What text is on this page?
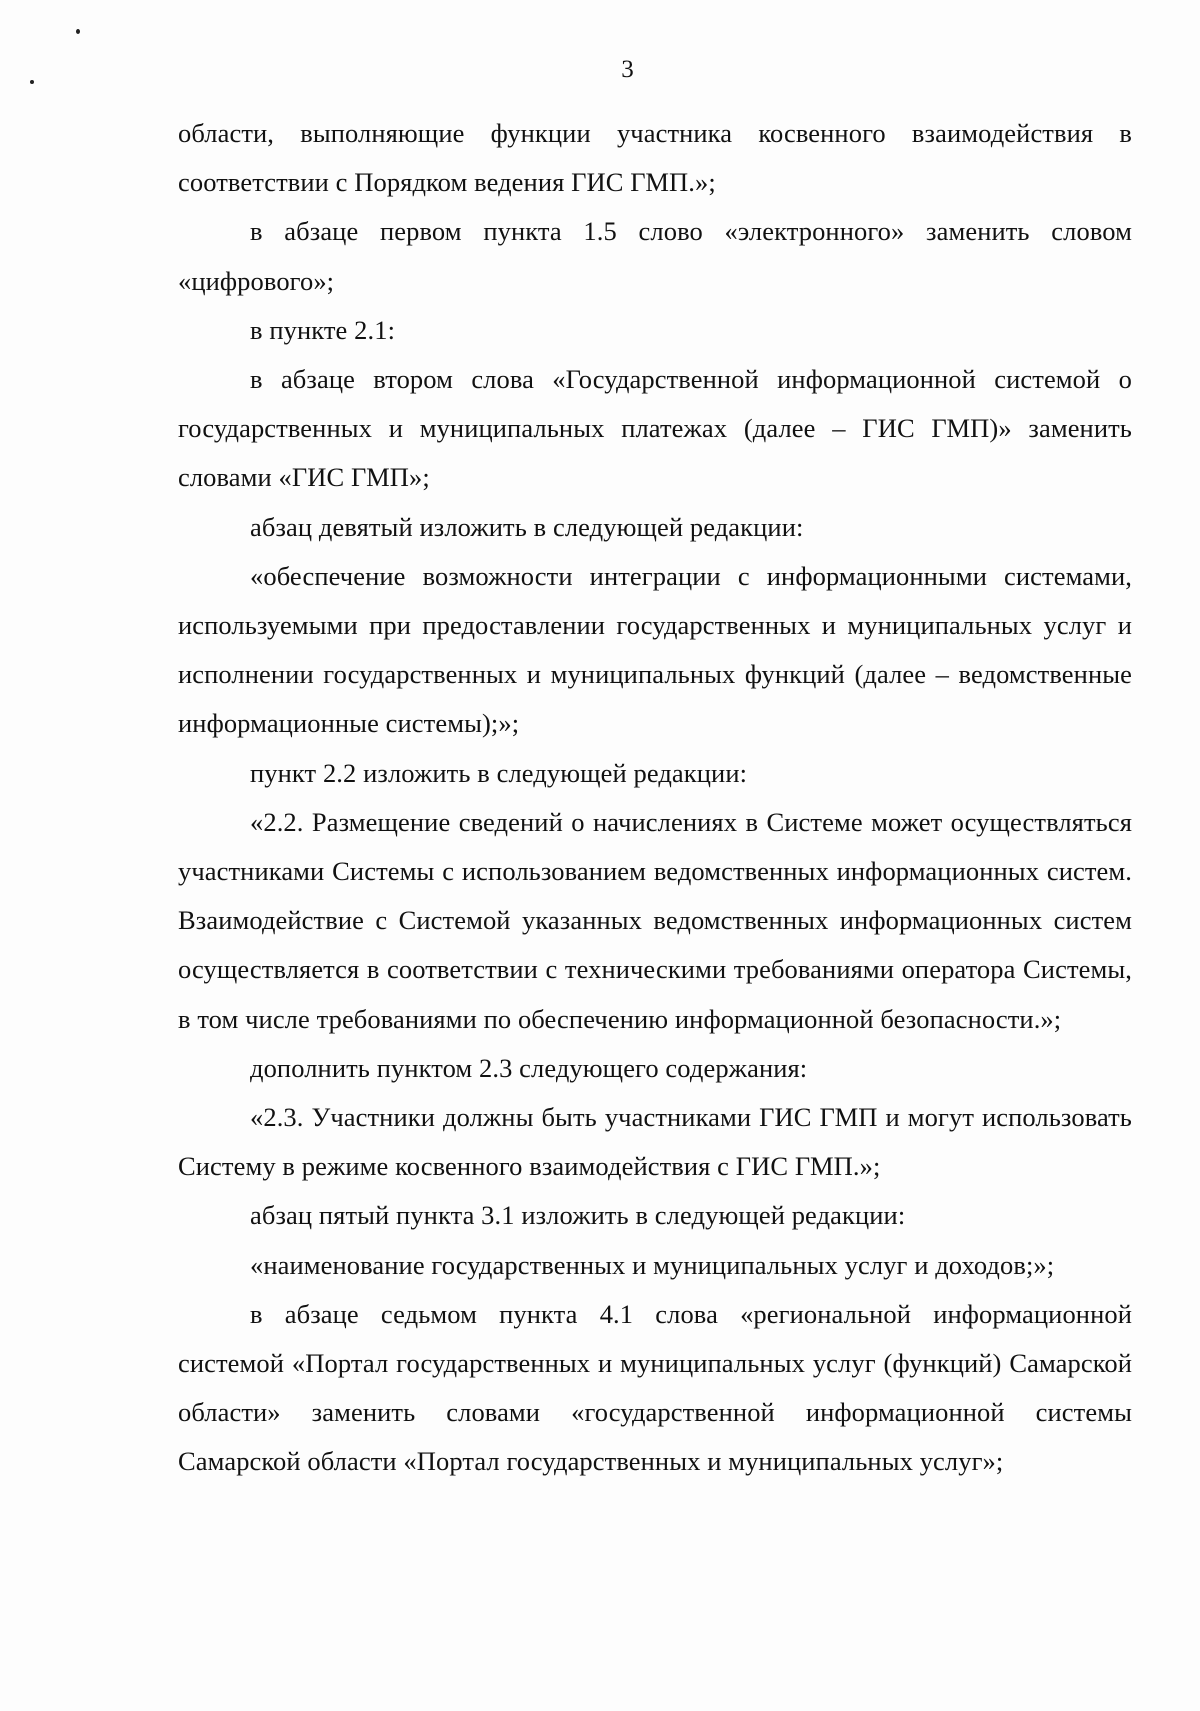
3

области, выполняющие функции участника косвенного взаимодействия в соответствии с Порядком ведения ГИС ГМП.»;

в абзаце первом пункта 1.5 слово «электронного» заменить словом «цифрового»;

в пункте 2.1:

в абзаце втором слова «Государственной информационной системой о государственных и муниципальных платежах (далее – ГИС ГМП)» заменить словами «ГИС ГМП»;

абзац девятый изложить в следующей редакции:

«обеспечение возможности интеграции с информационными системами, используемыми при предоставлении государственных и муниципальных услуг и исполнении государственных и муниципальных функций (далее – ведомственные информационные системы);»;

пункт 2.2 изложить в следующей редакции:

«2.2. Размещение сведений о начислениях в Системе может осуществляться участниками Системы с использованием ведомственных информационных систем. Взаимодействие с Системой указанных ведомственных информационных систем осуществляется в соответствии с техническими требованиями оператора Системы, в том числе требованиями по обеспечению информационной безопасности.»;

дополнить пунктом 2.3 следующего содержания:

«2.3. Участники должны быть участниками ГИС ГМП и могут использовать Систему в режиме косвенного взаимодействия с ГИС ГМП.»;

абзац пятый пункта 3.1 изложить в следующей редакции:

«наименование государственных и муниципальных услуг и доходов;»;

в абзаце седьмом пункта 4.1 слова «региональной информационной системой «Портал государственных и муниципальных услуг (функций) Самарской области» заменить словами «государственной информационной системы Самарской области «Портал государственных и муниципальных услуг»;
